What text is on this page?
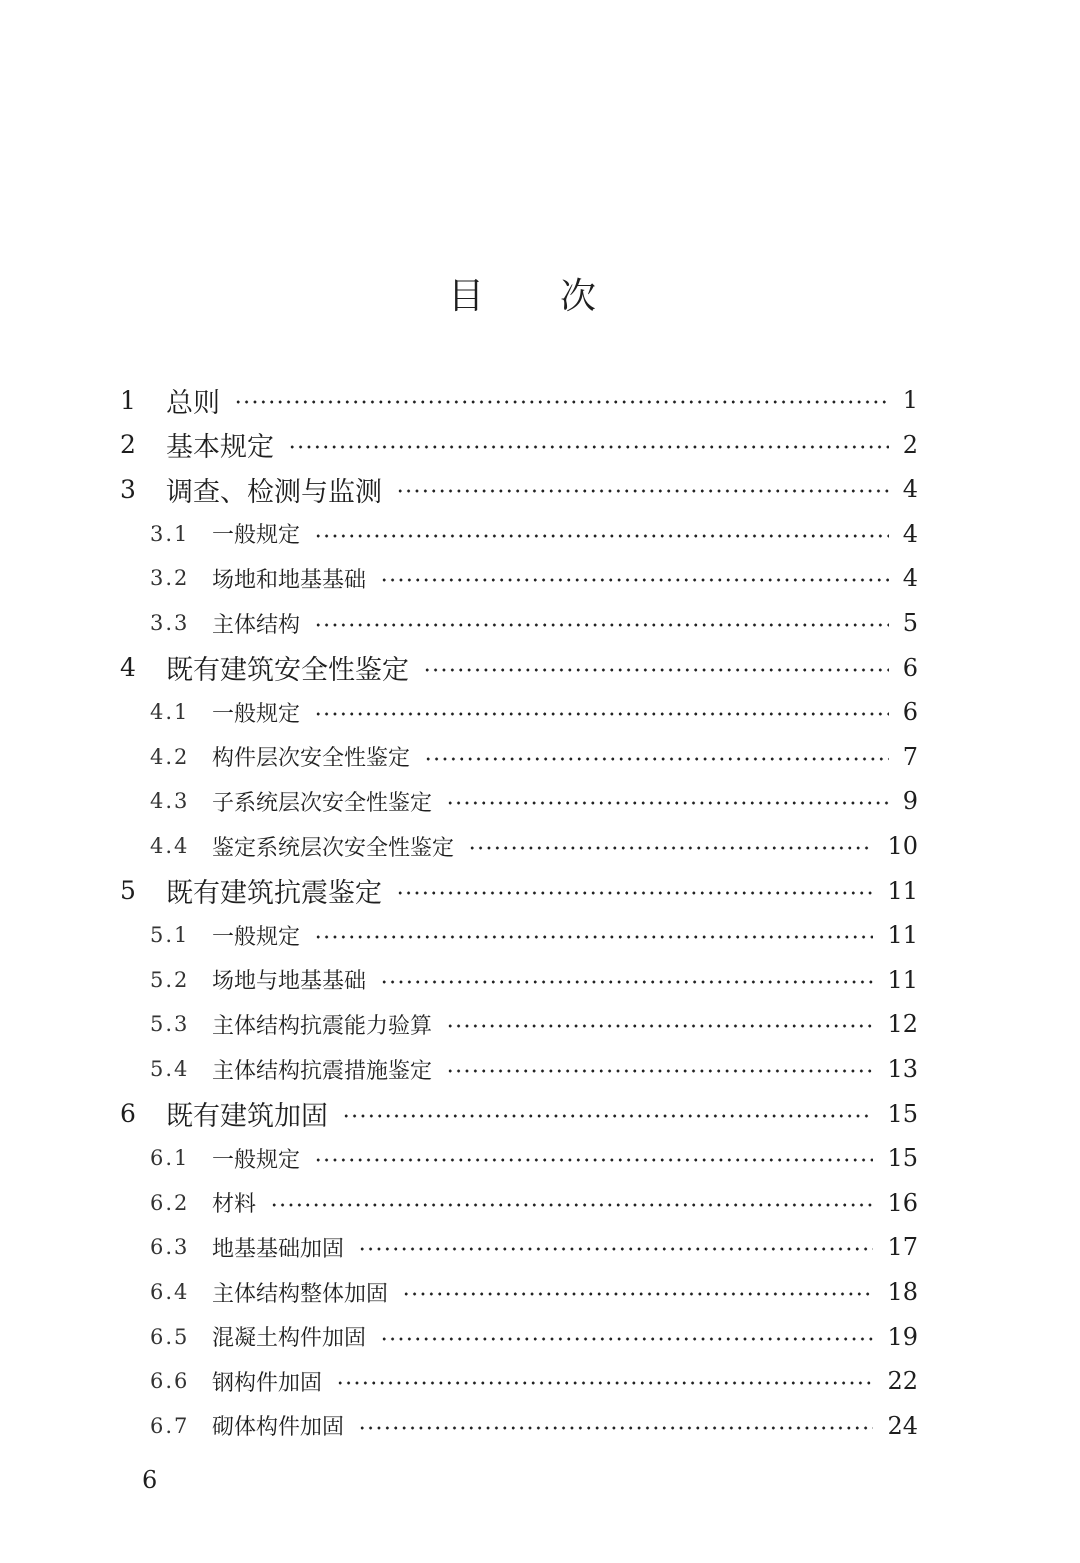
目 次
1 总则	1
2 基本规定	2
3 调查、检测与监测	4
3.1 一般规定	4
3.2 场地和地基基础	4
3.3 主体结构	5
4 既有建筑安全性鉴定	6
4.1 一般规定	6
4.2 构件层次安全性鉴定	7
4.3 子系统层次安全性鉴定	9
4.4 鉴定系统层次安全性鉴定	10
5 既有建筑抗震鉴定	11
5.1 一般规定	11
5.2 场地与地基基础	11
5.3 主体结构抗震能力验算	12
5.4 主体结构抗震措施鉴定	13
6 既有建筑加固	15
6.1 一般规定	15
6.2 材料	16
6.3 地基基础加固	17
6.4 主体结构整体加固	18
6.5 混凝土构件加固	19
6.6 钢构件加固	22
6.7 砌体构件加固	24
6
